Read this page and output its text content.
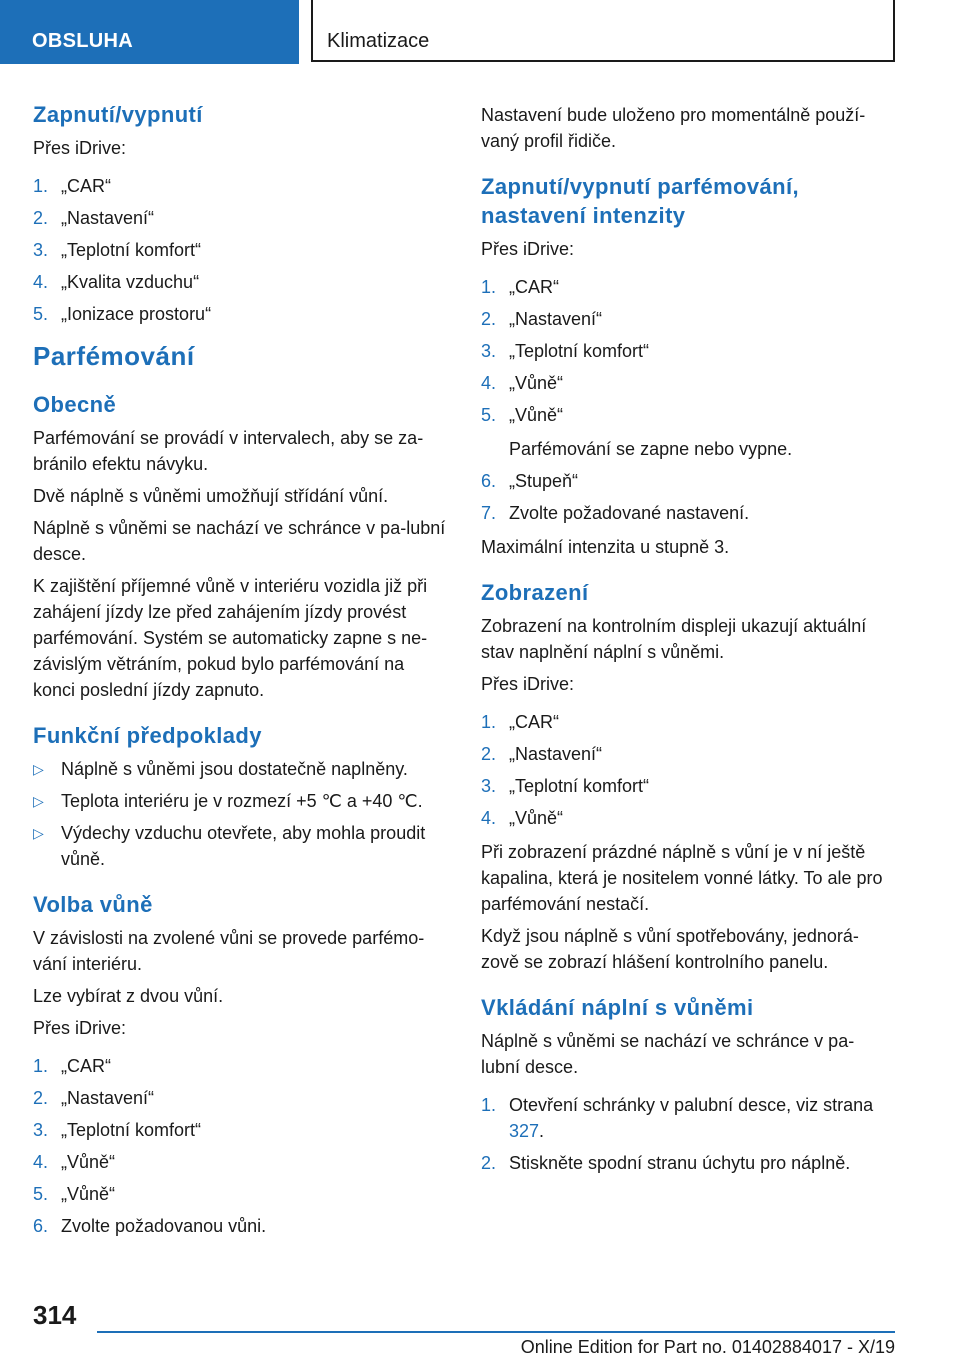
OBSLUHA	Klimatizace
Zapnutí/vypnutí
Přes iDrive:
1. „CAR“
2. „Nastavení“
3. „Teplotní komfort“
4. „Kvalita vzduchu“
5. „Ionizace prostoru“
Parfémování
Obecně
Parfémování se provádí v intervalech, aby se za-bránilo efektu návyku.
Dvě náplně s vůněmi umožňují střídání vůní.
Náplně s vůněmi se nachází ve schránce v pa-lubní desce.
K zajištění příjemné vůně v interiéru vozidla již při zahájení jízdy lze před zahájením jízdy provést parfémování. Systém se automaticky zapne s ne-závislým větráním, pokud bylo parfémování na konci poslední jízdy zapnuto.
Funkční předpoklady
▷ Náplně s vůněmi jsou dostatečně naplněny.
▷ Teplota interiéru je v rozmezí +5 ℃ a +40 ℃.
▷ Výdechy vzduchu otevřete, aby mohla proudit vůně.
Volba vůně
V závislosti na zvolené vůni se provede parfémo-vání interiéru.
Lze vybírat z dvou vůní.
Přes iDrive:
1. „CAR“
2. „Nastavení“
3. „Teplotní komfort“
4. „Vůně“
5. „Vůně“
6. Zvolte požadovanou vůni.
Nastavení bude uloženo pro momentálně použí-vaný profil řidiče.
Zapnutí/vypnutí parfémování, nastavení intenzity
Přes iDrive:
1. „CAR“
2. „Nastavení“
3. „Teplotní komfort“
4. „Vůně“
5. „Vůně“
Parfémování se zapne nebo vypne.
6. „Stupeň“
7. Zvolte požadované nastavení.
Maximální intenzita u stupně 3.
Zobrazení
Zobrazení na kontrolním displeji ukazují aktuální stav naplnění náplní s vůněmi.
Přes iDrive:
1. „CAR“
2. „Nastavení“
3. „Teplotní komfort“
4. „Vůně“
Při zobrazení prázdné náplně s vůní je v ní ještě kapalina, která je nositelem vonné látky. To ale pro parfémování nestačí.
Když jsou náplně s vůní spotřebovány, jednorá-zově se zobrazí hlášení kontrolního panelu.
Vkládání náplní s vůněmi
Náplně s vůněmi se nachází ve schránce v pa-lubní desce.
1. Otevření schránky v palubní desce, viz strana 327.
2. Stiskněte spodní stranu úchytu pro náplně.
314
Online Edition for Part no. 01402884017 - X/19
